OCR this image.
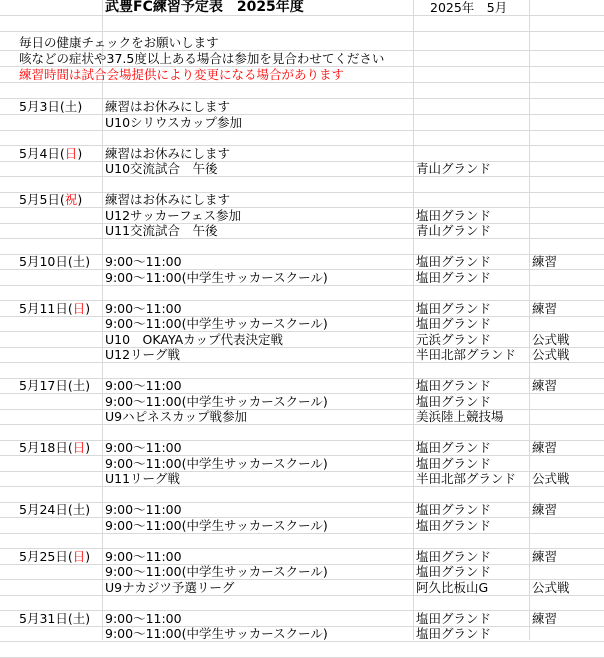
武豊FC練習予定表　2025年度	2025年　5月
毎日の健康チェックをお願いします
咳などの症状や37.5度以上ある場合は参加を見合わせてください
練習時間は試合会場提供により変更になる場合があります
5月3日(土) 練習はお休みにします
U10シリウスカップ参加
5月4日(日) 練習はお休みにします
U10交流試合　午後	青山グランド
5月5日(祝) 練習はお休みにします
U12サッカーフェス参加	塩田グランド
U11交流試合　午後	青山グランド
5月10日(土) 9:00～11:00	塩田グランド	練習
9:00～11:00(中学生サッカースクール)	塩田グランド
5月11日(日) 9:00～11:00	塩田グランド	練習
9:00～11:00(中学生サッカースクール)	塩田グランド
U10　OKAYAカップ代表決定戦	元浜グランド	公式戦
U12リーグ戦	半田北部グランド 公式戦
5月17日(土) 9:00～11:00	塩田グランド	練習
9:00～11:00(中学生サッカースクール)	塩田グランド
U9ハピネスカップ戦参加	美浜陸上競技場
5月18日(日) 9:00～11:00	塩田グランド	練習
9:00～11:00(中学生サッカースクール)	塩田グランド
U11リーグ戦	半田北部グランド 公式戦
5月24日(土) 9:00～11:00	塩田グランド	練習
9:00～11:00(中学生サッカースクール)	塩田グランド
5月25日(日) 9:00～11:00	塩田グランド	練習
9:00～11:00(中学生サッカースクール)	塩田グランド
U9ナカジツ予選リーグ	阿久比板山G	公式戦
5月31日(土) 9:00～11:00	塩田グランド	練習
9:00～11:00(中学生サッカースクール)	塩田グランド
